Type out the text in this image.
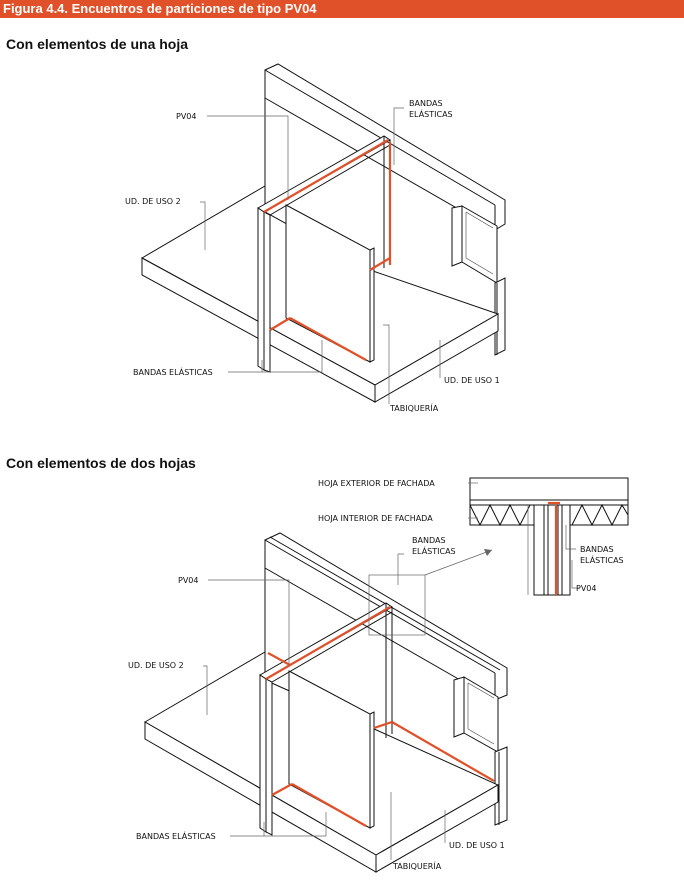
Figura 4.4. Encuentros de particiones de tipo PV04
Con elementos de una hoja
Con elementos de dos hojas
PV04
BANDAS
ELÁSTICAS
UD. DE USO 2
UD. DE USO 1
BANDAS ELÁSTICAS
TABIQUERÍA
HOJA EXTERIOR DE FACHADA
HOJA INTERIOR DE FACHADA
BANDAS
ELÁSTICAS	BANDAS
ELÁSTICAS
PV04
PV04
UD. DE USO 2
UD. DE USO 1
BANDAS ELÁSTICAS
TABIQUERÍA
